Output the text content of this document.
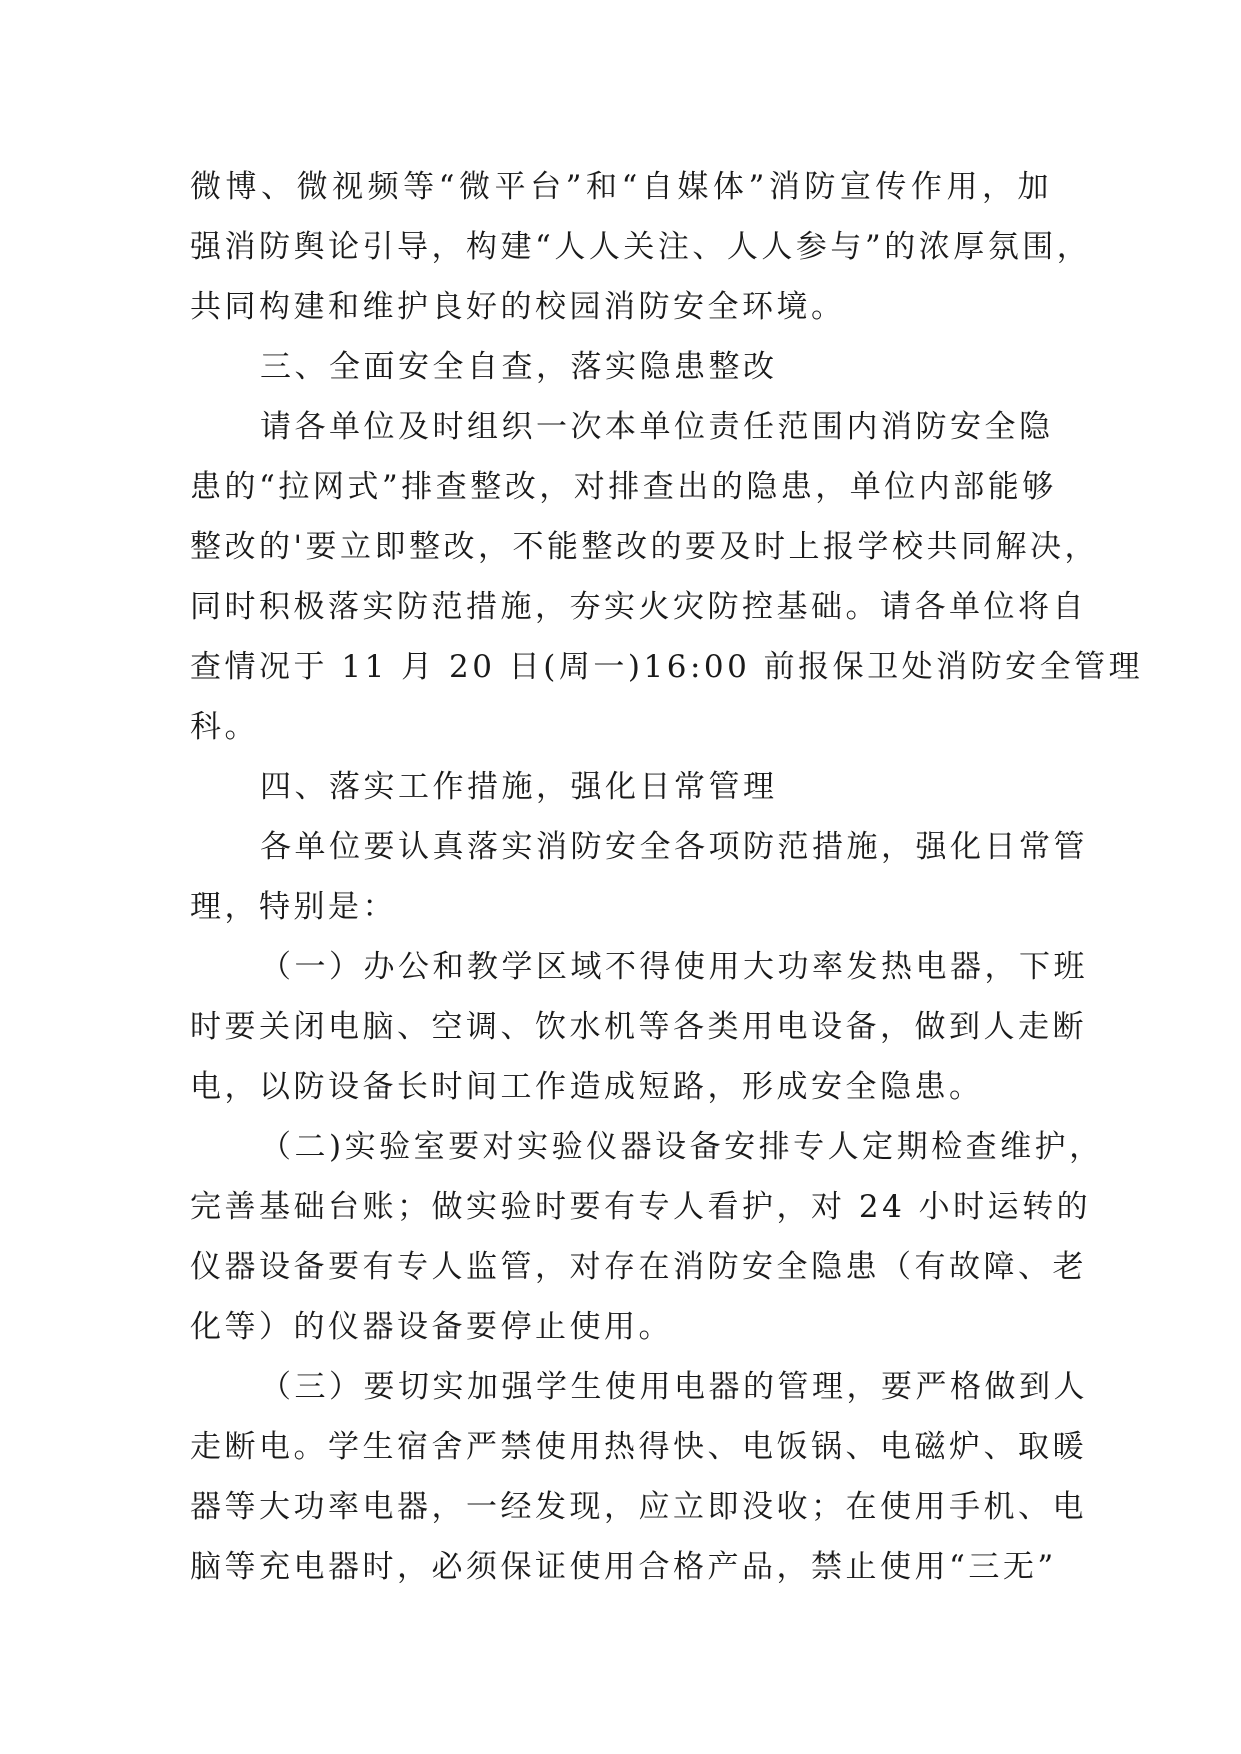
微博、微视频等“微平台”和“自媒体”消防宣传作用，加
强消防舆论引导，构建“人人关注、人人参与”的浓厚氛围，
共同构建和维护良好的校园消防安全环境。
三、全面安全自查，落实隐患整改
请各单位及时组织一次本单位责任范围内消防安全隐
患的“拉网式”排查整改，对排查出的隐患，单位内部能够
整改的'要立即整改，不能整改的要及时上报学校共同解决，
同时积极落实防范措施，夯实火灾防控基础。请各单位将自
查情况于 11 月 20 日(周一)16:00 前报保卫处消防安全管理
科。
四、落实工作措施，强化日常管理
各单位要认真落实消防安全各项防范措施，强化日常管
理，特别是：
（一）办公和教学区域不得使用大功率发热电器，下班
时要关闭电脑、空调、饮水机等各类用电设备，做到人走断
电，以防设备长时间工作造成短路，形成安全隐患。
（二)实验室要对实验仪器设备安排专人定期检查维护，
完善基础台账；做实验时要有专人看护，对 24 小时运转的
仪器设备要有专人监管，对存在消防安全隐患（有故障、老
化等）的仪器设备要停止使用。
（三）要切实加强学生使用电器的管理，要严格做到人
走断电。学生宿舍严禁使用热得快、电饭锅、电磁炉、取暖
器等大功率电器，一经发现，应立即没收；在使用手机、电
脑等充电器时，必须保证使用合格产品，禁止使用“三无”
